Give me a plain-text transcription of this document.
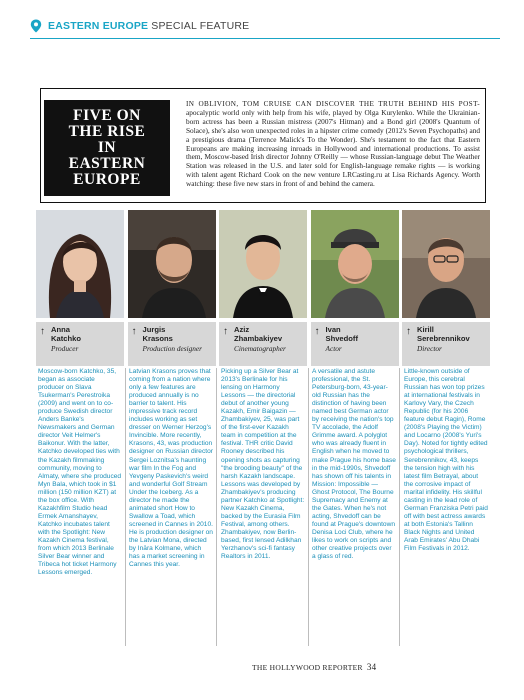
EASTERN EUROPE SPECIAL FEATURE
FIVE ON
THE RISE
IN
EASTERN
EUROPE
IN OBLIVION, TOM CRUISE CAN DISCOVER THE TRUTH BEHIND HIS POST- apocalyptic world only with help from his wife, played by Olga Kurylenko. While the Ukrainian-born actress has been a Russian mistress (2007's Hitman) and a Bond girl (2008's Quantum of Solace), she's also won unexpected roles in a hipster crime comedy (2012's Seven Psychopaths) and a prestigious drama (Terrence Malick's To the Wonder). She's testament to the fact that Eastern Europeans are making increasing inroads in Hollywood and international productions. To assist them, Moscow-based Irish director Johnny O'Reilly — whose Russian-language debut The Weather Station was released in the U.S. and later sold for English-language remake rights — is working with talent agent Richard Cook on the new venture LRCasting.ru at Lisa Richards Agency. Worth watching: these five new stars in front of and behind the camera.
↑ Anna
Katchko
Producer
↑ Jurgis
Krasons
Production designer
↑ Aziz
Zhambakiyev
Cinematographer
↑ Ivan
Shvedoff
Actor
↑ Kirill
Serebrennikov
Director
Moscow-born Katchko, 35, began as associate producer on Slava Tsukerman's Perestroika (2009) and went on to co-produce Swedish director Anders Banke's Newsmakers and German director Veit Helmer's Baikonur. With the latter, Katchko developed ties with the Kazakh filmmaking community, moving to Almaty, where she produced Myn Bala, which took in $1 million (150 million KZT) at the box office. With Kazakhfilm Studio head Ermek Amanshayev, Katchko incubates talent with the Spotlight: New Kazakh Cinema festival, from which 2013 Berlinale Silver Bear winner and Tribeca hot ticket Harmony Lessons emerged.
Latvian Krasons proves that coming from a nation where only a few features are produced annually is no barrier to talent. His impressive track record includes working as set dresser on Werner Herzog's Invincible. More recently, Krasons, 43, was production designer on Russian director Sergei Loznitsa's haunting war film In the Fog and Yevgeny Paskevich's weird and wonderful Golf Stream Under the Iceberg. As a director he made the animated short How to Swallow a Toad, which screened in Cannes in 2010. He is production designer on the Latvian Mona, directed by Ināra Kolmane, which has a market screening in Cannes this year.
Picking up a Silver Bear at 2013's Berlinale for his lensing on Harmony Lessons — the directorial debut of another young Kazakh, Emir Baigazin — Zhambakiyev, 25, was part of the first-ever Kazakh team in competition at the festival. THR critic David Rooney described his opening shots as capturing "the brooding beauty" of the harsh Kazakh landscape. Lessons was developed by Zhambakiyev's producing partner Katchko at Spotlight: New Kazakh Cinema, backed by the Eurasia Film Festival, among others. Zhambakiyev, now Berlin-based, first lensed Adilkhan Yerzhanov's sci-fi fantasy Realtors in 2011.
A versatile and astute professional, the St. Petersburg-born, 43-year-old Russian has the distinction of having been named best German actor by receiving the nation's top TV accolade, the Adolf Grimme award. A polyglot who was already fluent in English when he moved to make Prague his home base in the mid-1990s, Shvedoff has shown off his talents in Mission: Impossible — Ghost Protocol, The Bourne Supremacy and Enemy at the Gates. When he's not acting, Shvedoff can be found at Prague's downtown Denisa Loci Club, where he likes to work on scripts and other creative projects over a glass of red.
Little-known outside of Europe, this cerebral Russian has won top prizes at international festivals in Karlovy Vary, the Czech Republic (for his 2006 feature debut Ragin), Rome (2008's Playing the Victim) and Locarno (2008's Yuri's Day). Noted for tightly edited psychological thrillers, Serebrennikov, 43, keeps the tension high with his latest film Betrayal, about the corrosive impact of marital infidelity. His skillful casting in the lead role of German Franziska Petri paid off with best actress awards at both Estonia's Tallinn Black Nights and United Arab Emirates' Abu Dhabi Film Festivals in 2012.
THE HOLLYWOOD REPORTER 34
